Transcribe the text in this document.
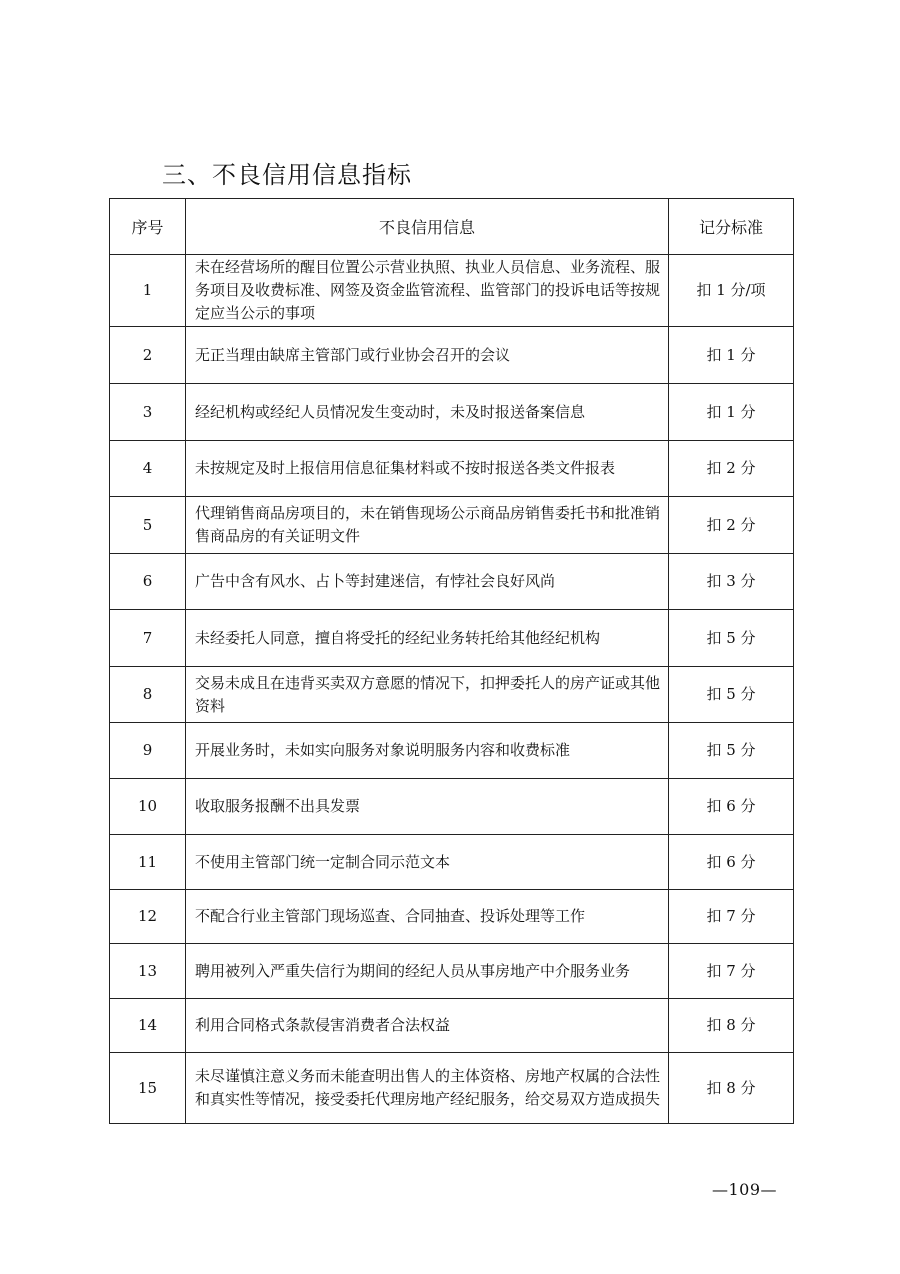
三、不良信用信息指标
序号	不良信用信息	记分标准
1	未在经营场所的醒目位置公示营业执照、执业人员信息、业务流程、服务项目及收费标准、网签及资金监管流程、监管部门的投诉电话等按规定应当公示的事项	扣 1 分/项
2	无正当理由缺席主管部门或行业协会召开的会议	扣 1 分
3	经纪机构或经纪人员情况发生变动时，未及时报送备案信息	扣 1 分
4	未按规定及时上报信用信息征集材料或不按时报送各类文件报表	扣 2 分
5	代理销售商品房项目的，未在销售现场公示商品房销售委托书和批准销售商品房的有关证明文件	扣 2 分
6	广告中含有风水、占卜等封建迷信，有悖社会良好风尚	扣 3 分
7	未经委托人同意，擅自将受托的经纪业务转托给其他经纪机构	扣 5 分
8	交易未成且在违背买卖双方意愿的情况下，扣押委托人的房产证或其他资料	扣 5 分
9	开展业务时，未如实向服务对象说明服务内容和收费标准	扣 5 分
10	收取服务报酬不出具发票	扣 6 分
11	不使用主管部门统一定制合同示范文本	扣 6 分
12	不配合行业主管部门现场巡查、合同抽查、投诉处理等工作	扣 7 分
13	聘用被列入严重失信行为期间的经纪人员从事房地产中介服务业务	扣 7 分
14	利用合同格式条款侵害消费者合法权益	扣 8 分
15	未尽谨慎注意义务而未能查明出售人的主体资格、房地产权属的合法性和真实性等情况，接受委托代理房地产经纪服务，给交易双方造成损失	扣 8 分
—109—
